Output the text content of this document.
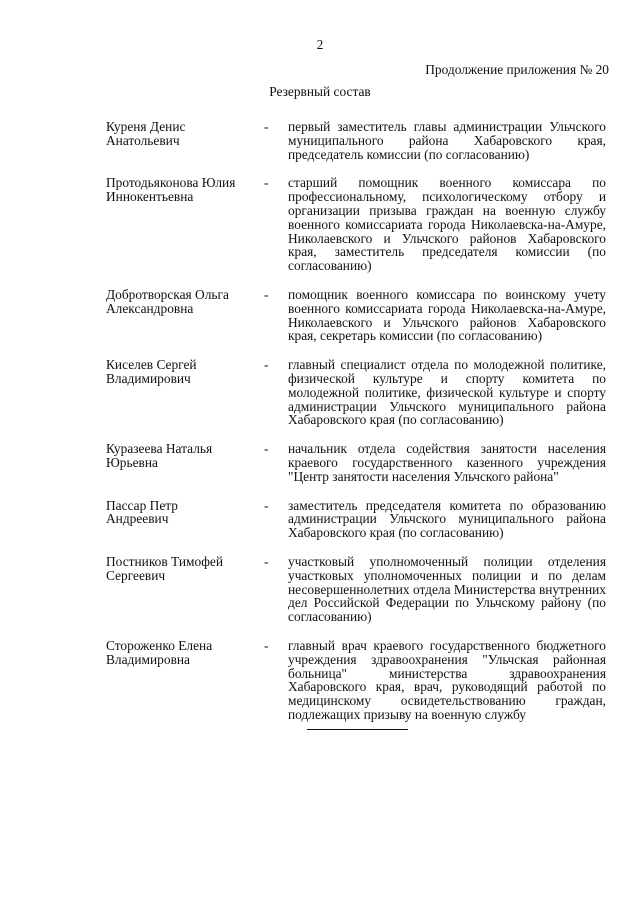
2
Продолжение приложения № 20
Резервный состав
Куреня Денис
Анатольевич
-	первый заместитель главы администрации Ульчского муниципального района Хабаровского края, председатель комиссии (по согласованию)
Протодьяконова Юлия
Иннокентьевна
-	старший помощник военного комиссара по профессиональному, психологическому отбору и организации призыва граждан на военную службу военного комиссариата города Николаевска-на-Амуре, Николаевского и Ульчского районов Хабаровского края, заместитель председателя комиссии (по согласованию)
Добротворская Ольга
Александровна
-	помощник военного комиссара по воинскому учету военного комиссариата города Николаевска-на-Амуре, Николаевского и Ульчского районов Хабаровского края, секретарь комиссии (по согласованию)
Киселев Сергей
Владимирович
-	главный специалист отдела по молодежной политике, физической культуре и спорту комитета по молодежной политике, физической культуре и спорту администрации Ульчского муниципального района Хабаровского края (по согласованию)
Куразеева Наталья
Юрьевна
-	начальник отдела содействия занятости населения краевого государственного казенного учреждения "Центр занятости населения Ульчского района"
Пассар Петр
Андреевич
-	заместитель председателя комитета по образованию администрации Ульчского муниципального района Хабаровского края (по согласованию)
Постников Тимофей
Сергеевич
-	участковый уполномоченный полиции отделения участковых уполномоченных полиции и по делам несовершеннолетних отдела Министерства внутренних дел Российской Федерации по Ульчскому району (по согласованию)
Стороженко Елена
Владимировна
-	главный врач краевого государственного бюджетного учреждения здравоохранения "Ульчская районная больница" министерства здравоохранения Хабаровского края, врач, руководящий работой по медицинскому освидетельствованию граждан, подлежащих призыву на военную службу
